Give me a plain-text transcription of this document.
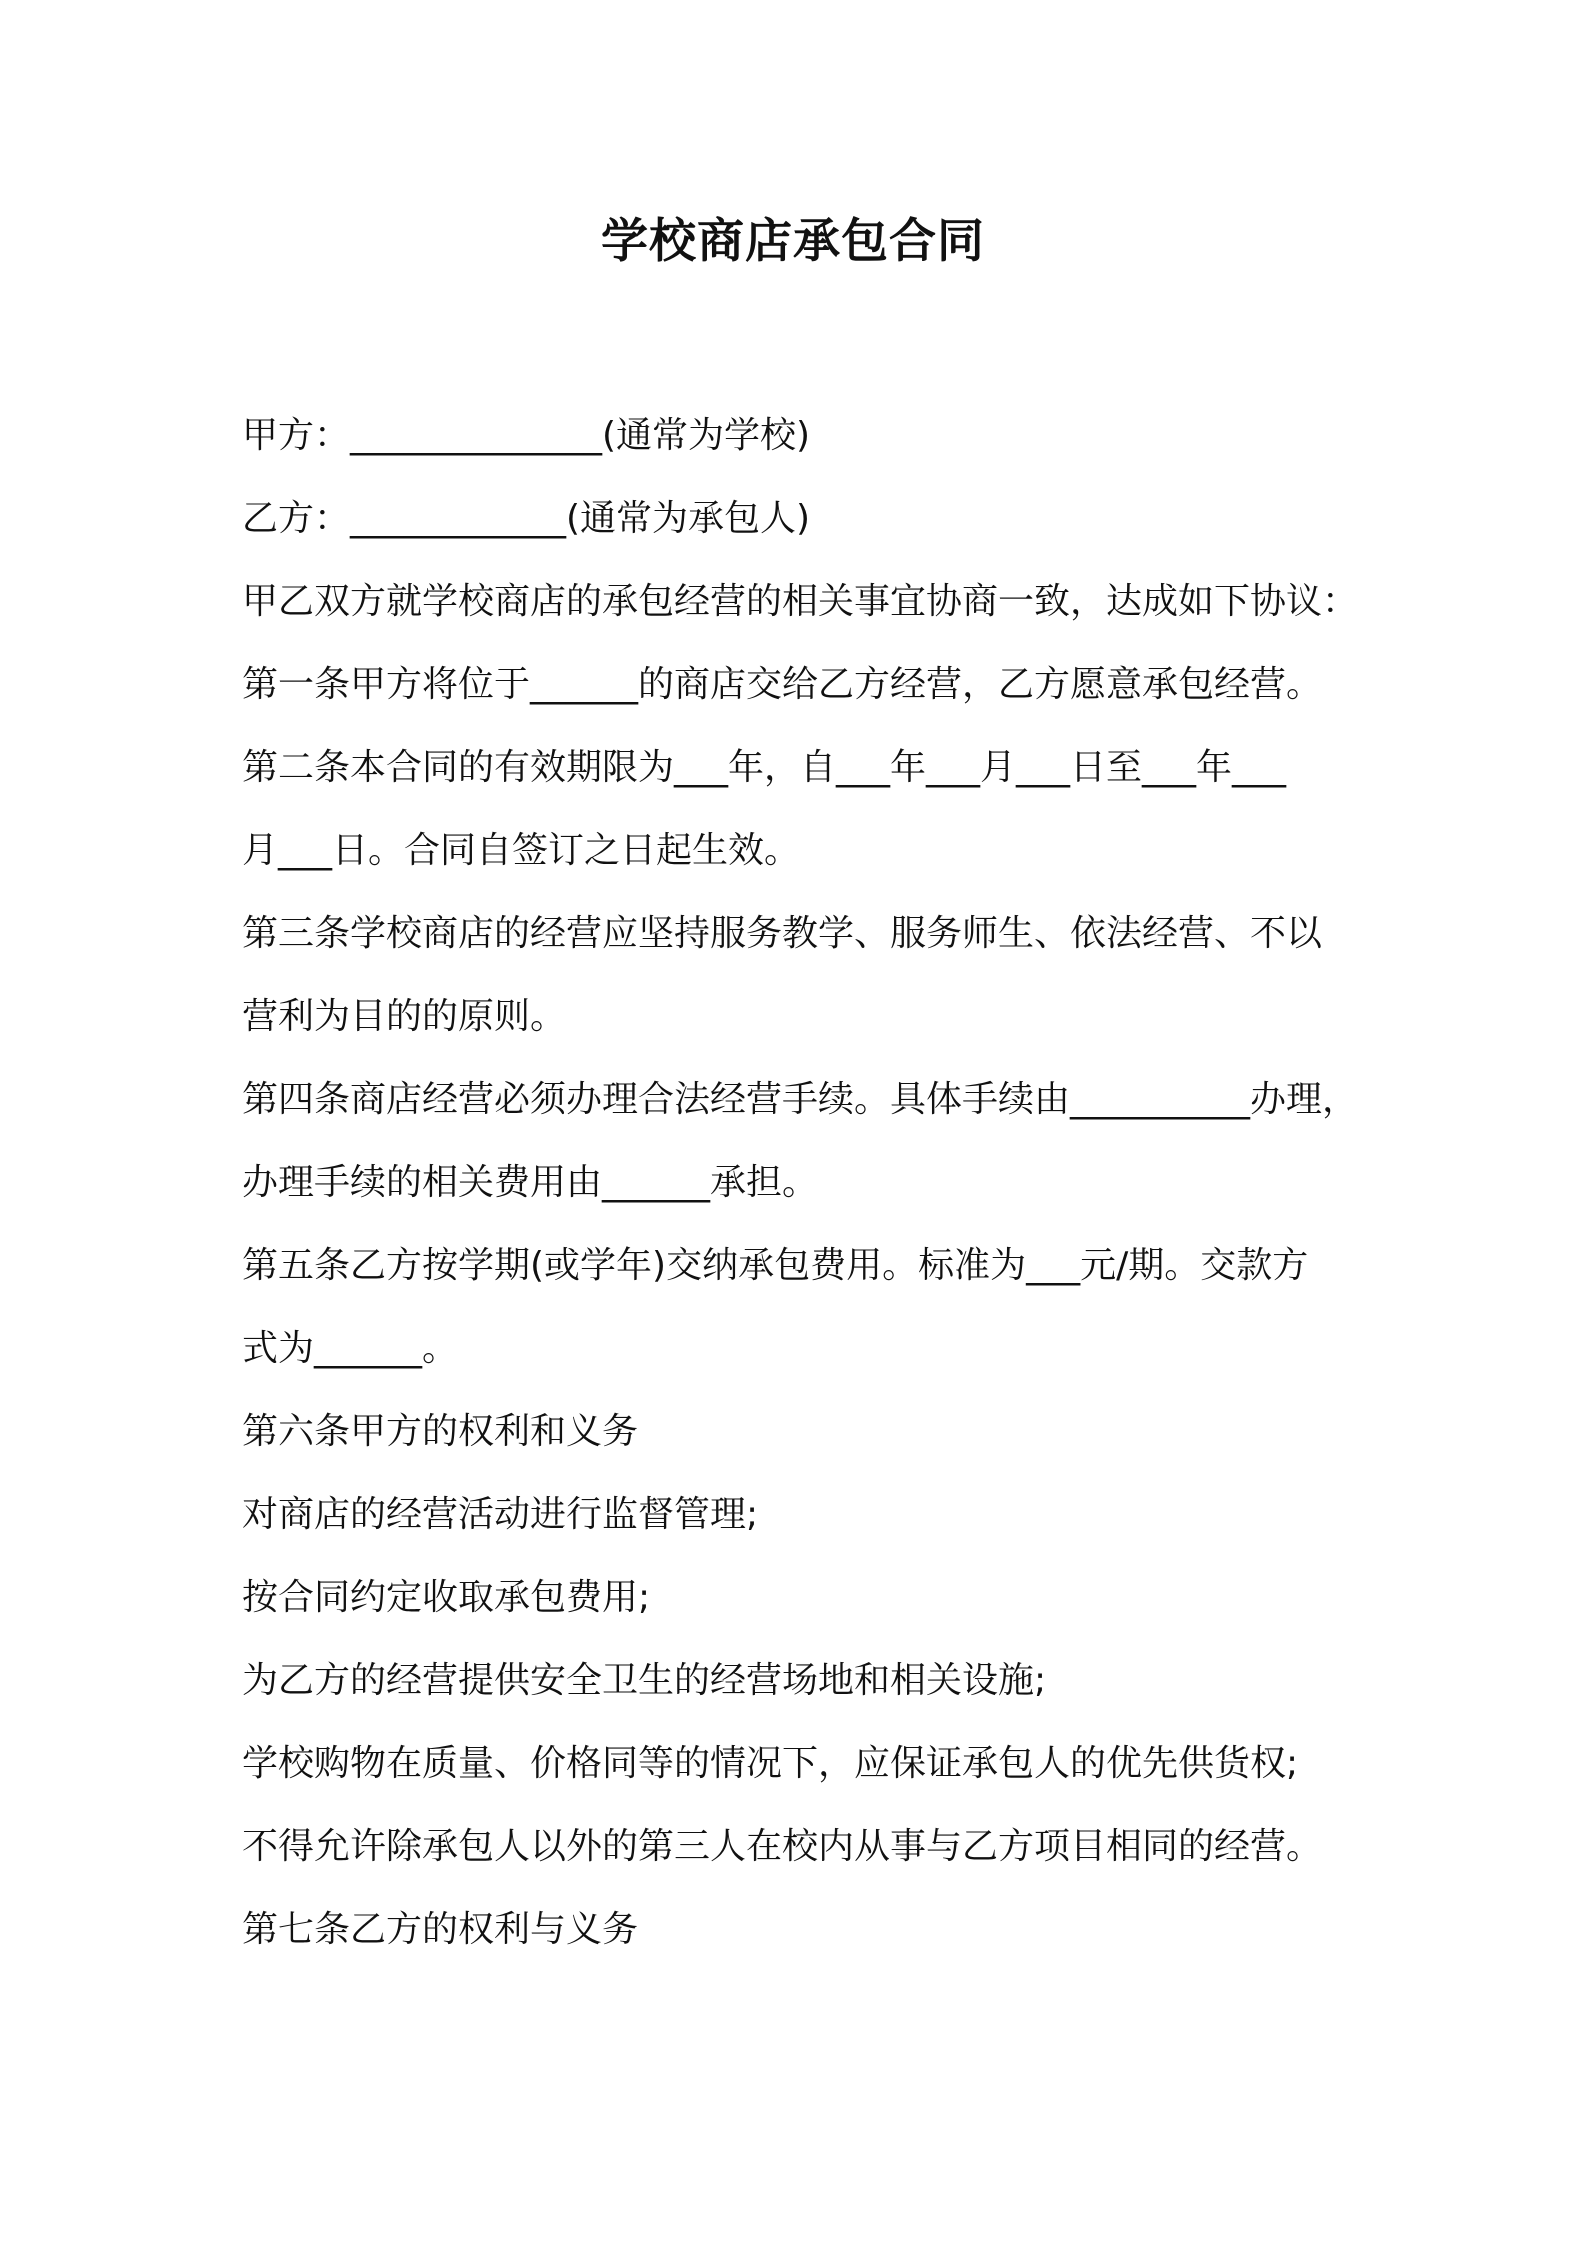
学校商店承包合同

甲方：______________(通常为学校)

乙方：____________(通常为承包人)

甲乙双方就学校商店的承包经营的相关事宜协商一致，达成如下协议：

第一条甲方将位于______的商店交给乙方经营，乙方愿意承包经营。

第二条本合同的有效期限为___年，自___年___月___日至___年___

月___日。合同自签订之日起生效。

第三条学校商店的经营应坚持服务教学、服务师生、依法经营、不以

营利为目的的原则。

第四条商店经营必须办理合法经营手续。具体手续由__________办理，

办理手续的相关费用由______承担。

第五条乙方按学期(或学年)交纳承包费用。标准为___元/期。交款方

式为______。

第六条甲方的权利和义务

对商店的经营活动进行监督管理;

按合同约定收取承包费用;

为乙方的经营提供安全卫生的经营场地和相关设施;

学校购物在质量、价格同等的情况下，应保证承包人的优先供货权;

不得允许除承包人以外的第三人在校内从事与乙方项目相同的经营。

第七条乙方的权利与义务
